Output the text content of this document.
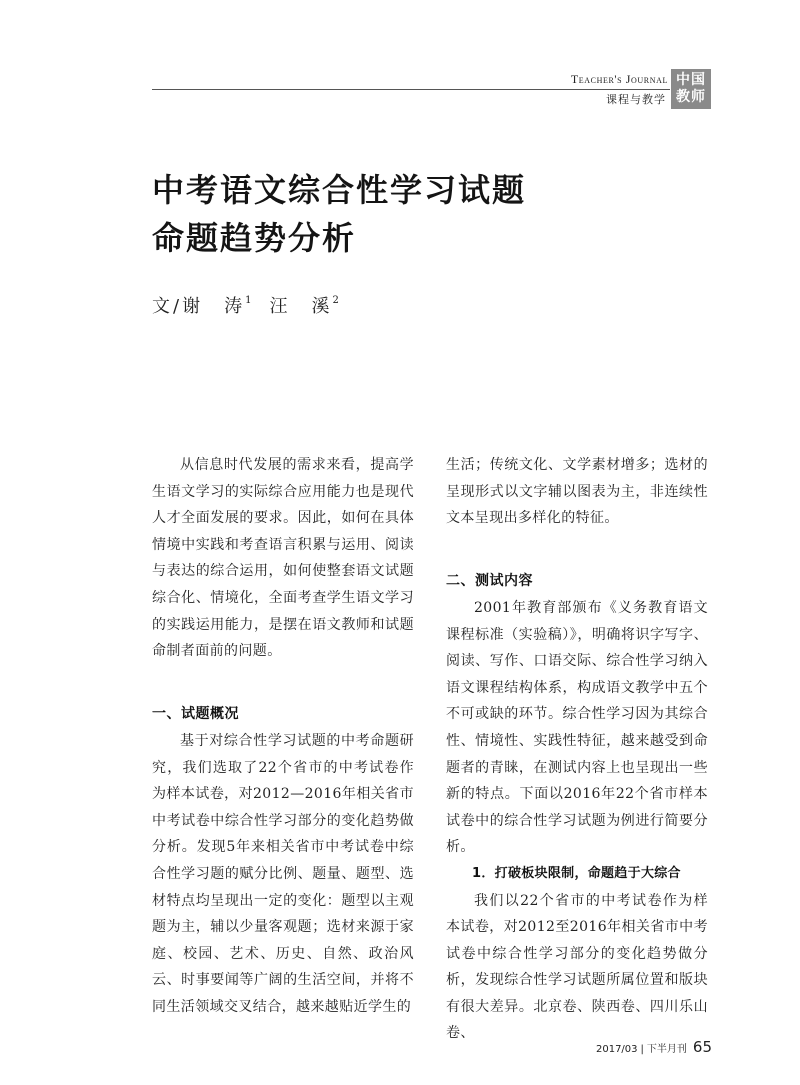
Teacher's Journal
课程与教学
中国
教师
中考语文综合性学习试题
命题趋势分析
文/谢　涛$^1$ 汪　溪$^2$

从信息时代发展的需求来看，提高学生语文学习的实际综合应用能力也是现代人才全面发展的要求。因此，如何在具体情境中实践和考查语言积累与运用、阅读与表达的综合运用，如何使整套语文试题综合化、情境化，全面考查学生语文学习的实践运用能力，是摆在语文教师和试题命制者面前的问题。

一、试题概况

基于对综合性学习试题的中考命题研究，我们选取了22个省市的中考试卷作为样本试卷，对2012—2016年相关省市中考试卷中综合性学习部分的变化趋势做分析。发现5年来相关省市中考试卷中综合性学习题的赋分比例、题量、题型、选材特点均呈现出一定的变化：题型以主观题为主，辅以少量客观题；选材来源于家庭、校园、艺术、历史、自然、政治风云、时事要闻等广阔的生活空间，并将不同生活领域交叉结合，越来越贴近学生的

生活；传统文化、文学素材增多；选材的呈现形式以文字辅以图表为主，非连续性文本呈现出多样化的特征。

二、测试内容

2001年教育部颁布《义务教育语文课程标准（实验稿）》，明确将识字写字、阅读、写作、口语交际、综合性学习纳入语文课程结构体系，构成语文教学中五个不可或缺的环节。综合性学习因为其综合性、情境性、实践性特征，越来越受到命题者的青睐，在测试内容上也呈现出一些新的特点。下面以2016年22个省市样本试卷中的综合性学习试题为例进行简要分析。

1．打破板块限制，命题趋于大综合

我们以22个省市的中考试卷作为样本试卷，对2012至2016年相关省市中考试卷中综合性学习部分的变化趋势做分析，发现综合性学习试题所属位置和版块有很大差异。北京卷、陕西卷、四川乐山卷、

2017/03 | 下半月刊 65
